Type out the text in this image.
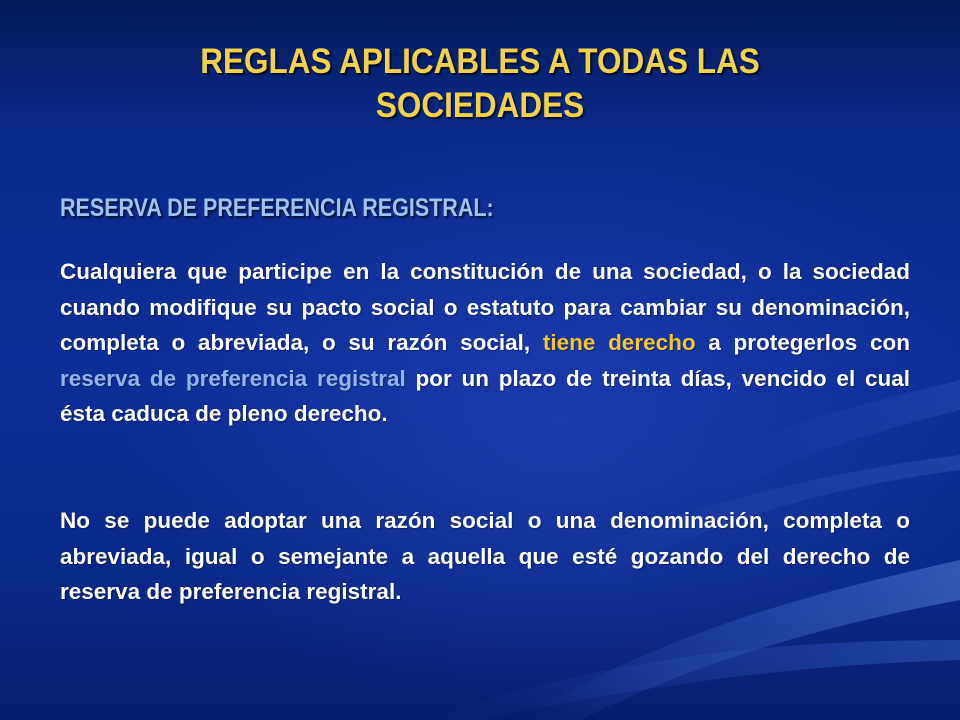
REGLAS APLICABLES A TODAS LAS SOCIEDADES
RESERVA DE PREFERENCIA REGISTRAL:

Cualquiera que participe en la constitución de una sociedad, o la sociedad cuando modifique su pacto social o estatuto para cambiar su denominación, completa o abreviada, o su razón social, tiene derecho a protegerlos con reserva de preferencia registral por un plazo de treinta días, vencido el cual ésta caduca de pleno derecho.

No se puede adoptar una razón social o una denominación, completa o abreviada, igual o semejante a aquella que esté gozando del derecho de reserva de preferencia registral.
